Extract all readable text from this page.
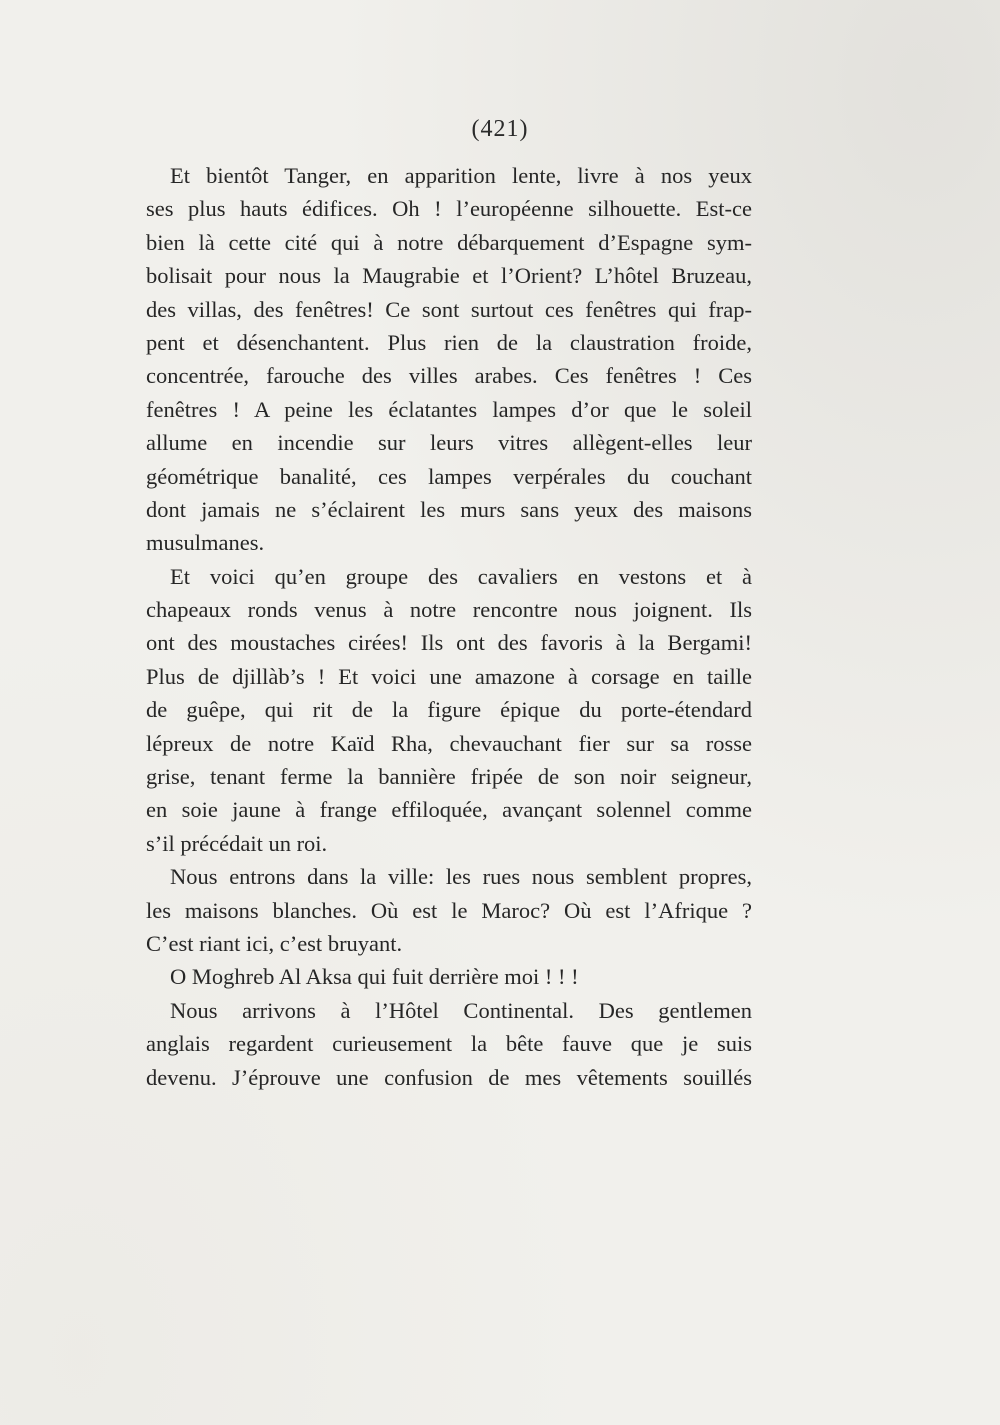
(421)
Et bientôt Tanger, en apparition lente, livre à nos yeux
ses plus hauts édifices. Oh ! l’européenne silhouette. Est-ce
bien là cette cité qui à notre débarquement d’Espagne sym-
bolisait pour nous la Maugrabie et l’Orient? L’hôtel Bruzeau,
des villas, des fenêtres! Ce sont surtout ces fenêtres qui frap-
pent et désenchantent. Plus rien de la claustration froide,
concentrée, farouche des villes arabes. Ces fenêtres ! Ces
fenêtres ! A peine les éclatantes lampes d’or que le soleil
allume en incendie sur leurs vitres allègent-elles leur
géométrique banalité, ces lampes verpérales du couchant
dont jamais ne s’éclairent les murs sans yeux des maisons
musulmanes.
Et voici qu’en groupe des cavaliers en vestons et à
chapeaux ronds venus à notre rencontre nous joignent. Ils
ont des moustaches cirées! Ils ont des favoris à la Bergami!
Plus de djillàb’s ! Et voici une amazone à corsage en taille
de guêpe, qui rit de la figure épique du porte-étendard
lépreux de notre Kaïd Rha, chevauchant fier sur sa rosse
grise, tenant ferme la bannière fripée de son noir seigneur,
en soie jaune à frange effiloquée, avançant solennel comme
s’il précédait un roi.
Nous entrons dans la ville: les rues nous semblent propres,
les maisons blanches. Où est le Maroc? Où est l’Afrique ?
C’est riant ici, c’est bruyant.
O Moghreb Al Aksa qui fuit derrière moi ! ! !
Nous arrivons à l’Hôtel Continental. Des gentlemen
anglais regardent curieusement la bête fauve que je suis
devenu. J’éprouve une confusion de mes vêtements souillés
